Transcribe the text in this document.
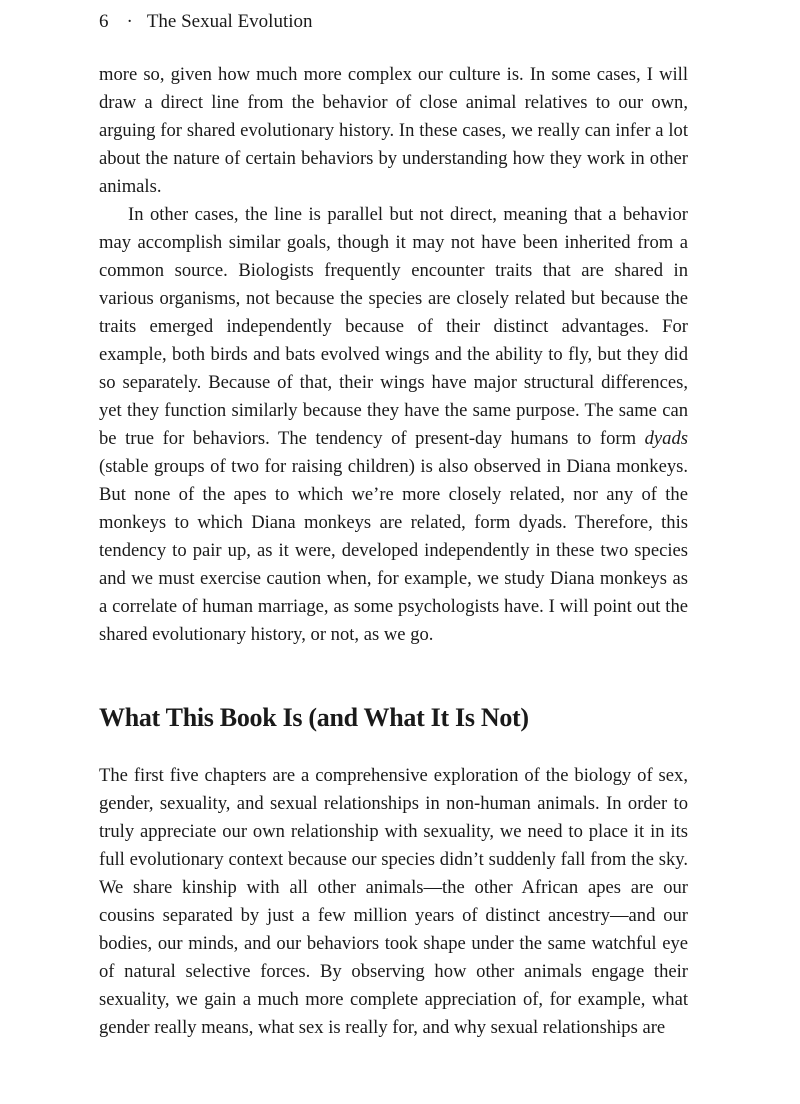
6 · The Sexual Evolution

more so, given how much more complex our culture is. In some cases, I will draw a direct line from the behavior of close animal relatives to our own, arguing for shared evolutionary history. In these cases, we really can infer a lot about the nature of certain behaviors by understanding how they work in other animals.

In other cases, the line is parallel but not direct, meaning that a behavior may accomplish similar goals, though it may not have been inherited from a common source. Biologists frequently encounter traits that are shared in various organisms, not because the species are closely related but because the traits emerged independently because of their distinct advantages. For example, both birds and bats evolved wings and the ability to fly, but they did so separately. Because of that, their wings have major structural differences, yet they function similarly because they have the same purpose. The same can be true for behaviors. The tendency of present-day humans to form dyads (stable groups of two for raising children) is also observed in Diana monkeys. But none of the apes to which we’re more closely related, nor any of the monkeys to which Diana monkeys are related, form dyads. Therefore, this tendency to pair up, as it were, developed independently in these two species and we must exercise caution when, for example, we study Diana monkeys as a correlate of human marriage, as some psychologists have. I will point out the shared evolutionary history, or not, as we go.

What This Book Is (and What It Is Not)

The first five chapters are a comprehensive exploration of the biology of sex, gender, sexuality, and sexual relationships in non-human animals. In order to truly appreciate our own relationship with sexuality, we need to place it in its full evolutionary context because our species didn’t suddenly fall from the sky. We share kinship with all other animals—the other African apes are our cousins separated by just a few million years of distinct ancestry—and our bodies, our minds, and our behaviors took shape under the same watchful eye of natural selective forces. By observing how other animals engage their sexuality, we gain a much more complete appreciation of, for example, what gender really means, what sex is really for, and why sexual relationships are
